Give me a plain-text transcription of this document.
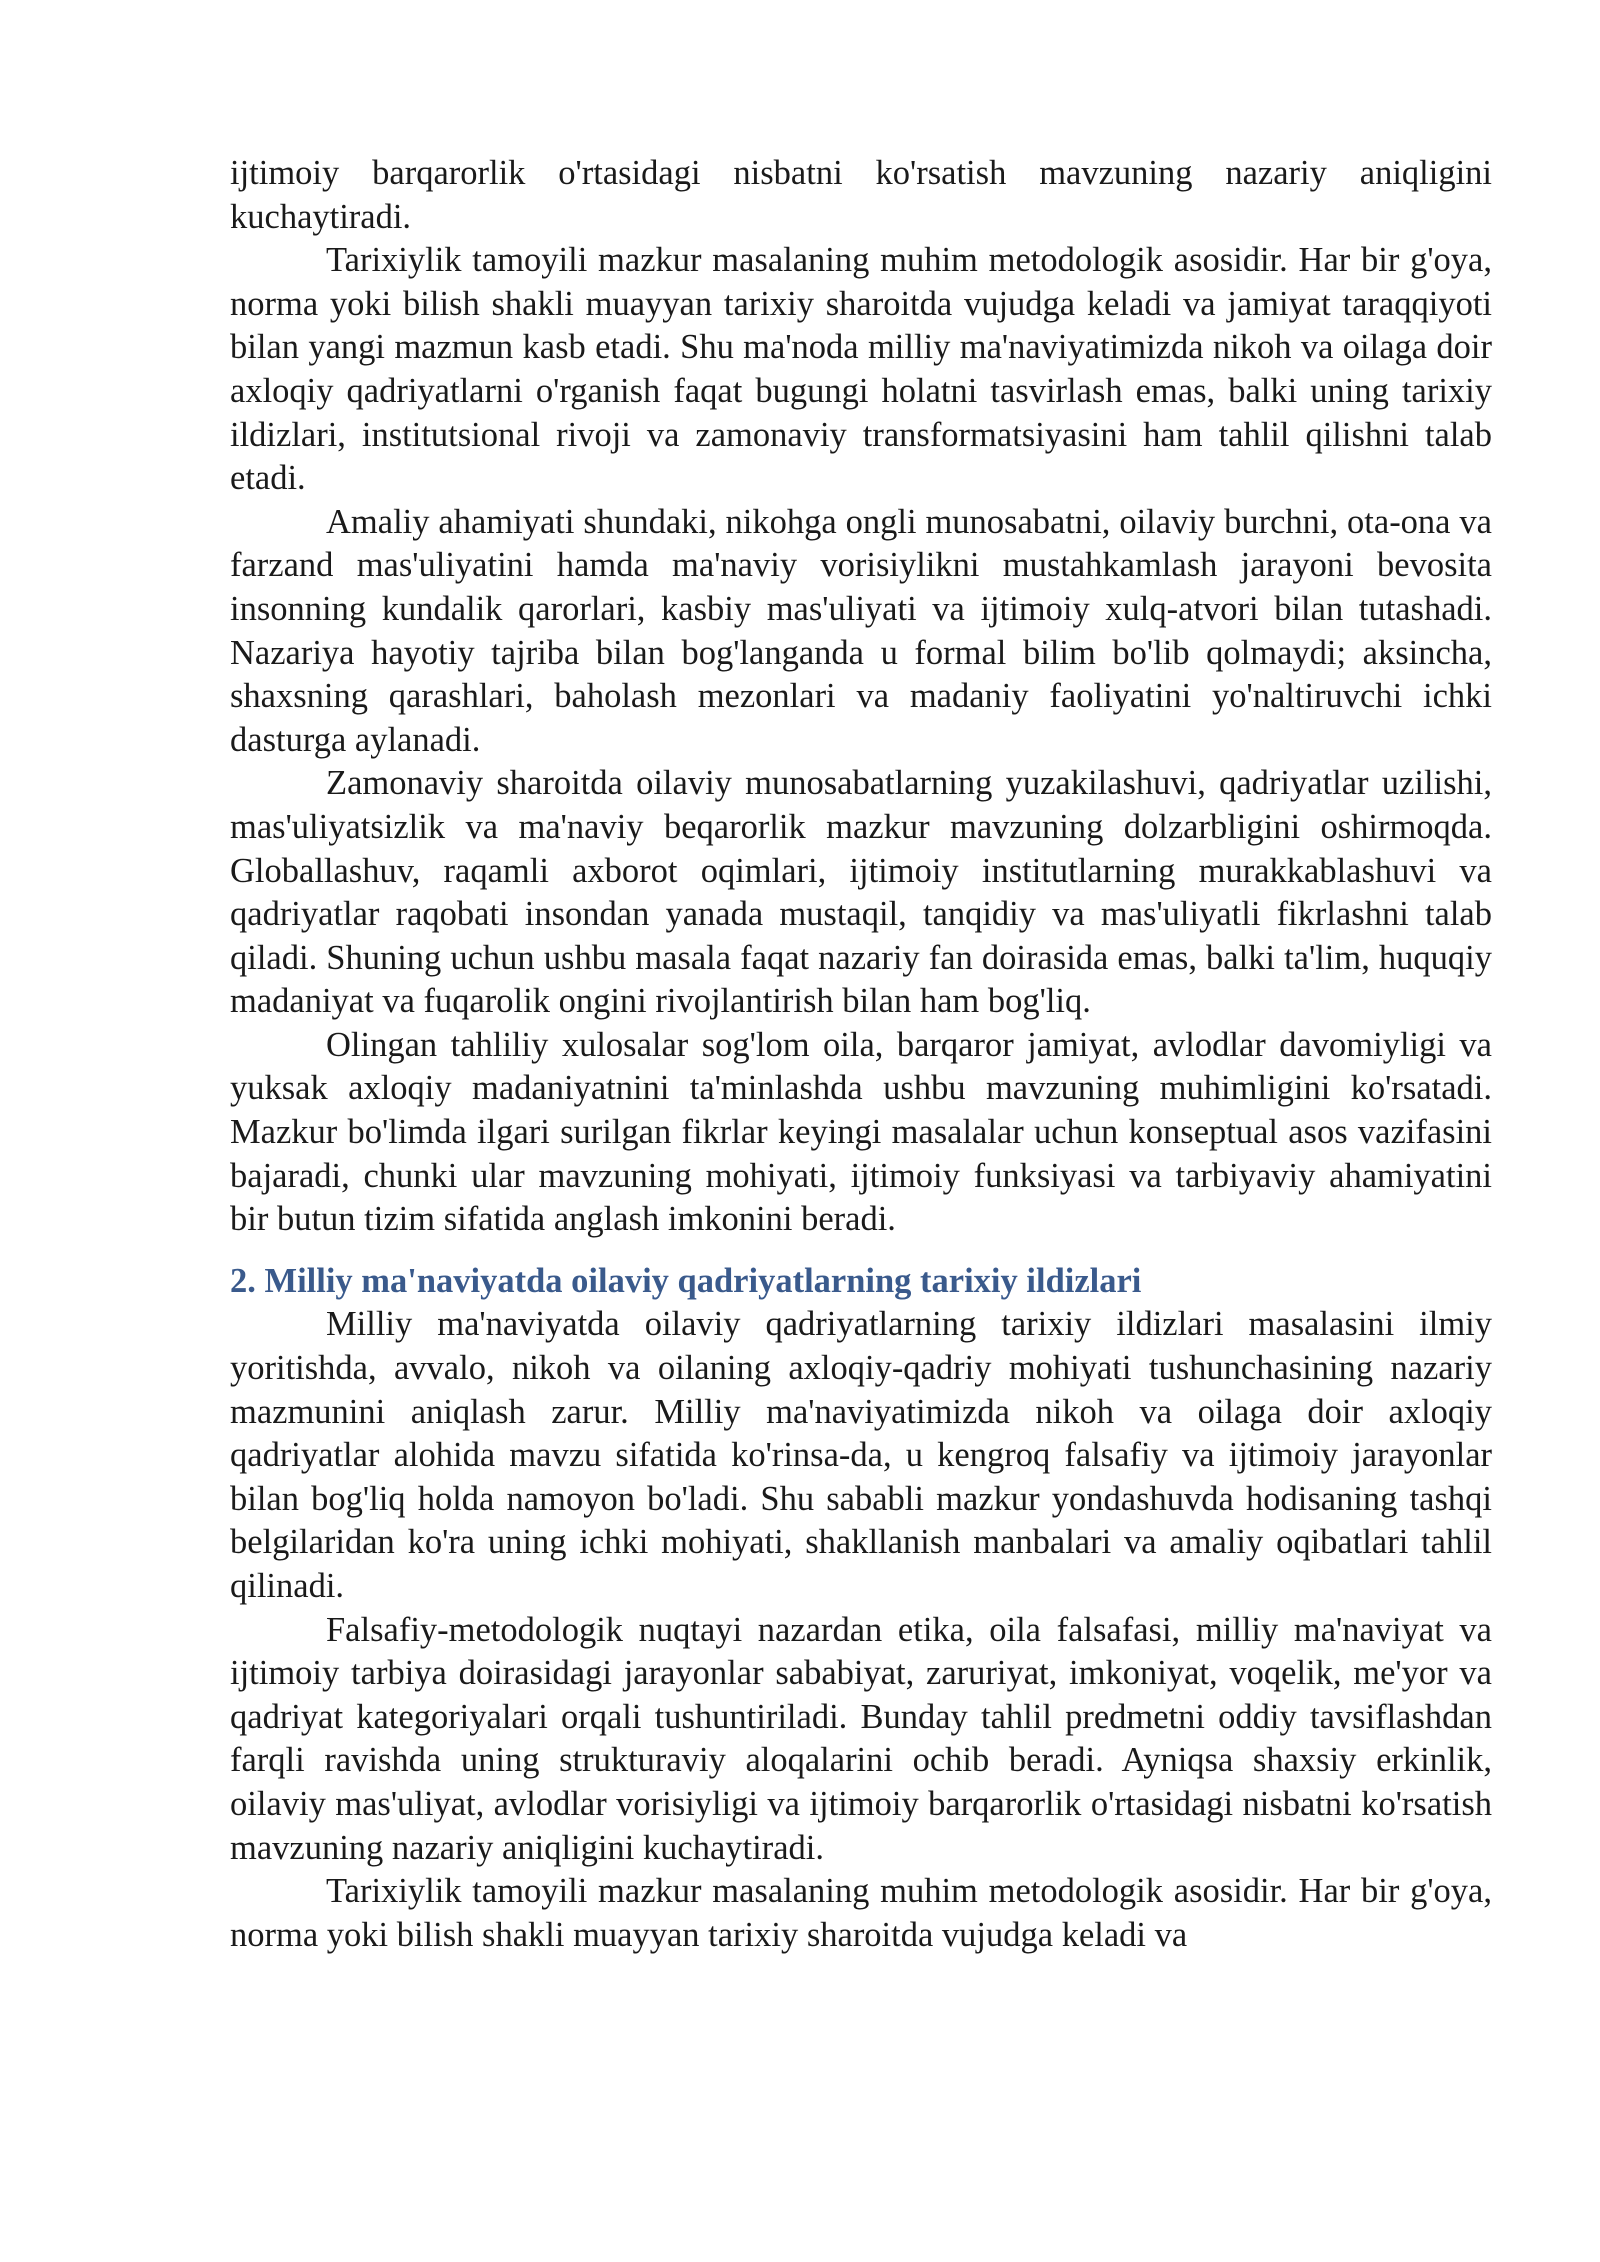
ijtimoiy barqarorlik o'rtasidagi nisbatni ko'rsatish mavzuning nazariy aniqligini kuchaytiradi.

Tarixiylik tamoyili mazkur masalaning muhim metodologik asosidir. Har bir g'oya, norma yoki bilish shakli muayyan tarixiy sharoitda vujudga keladi va jamiyat taraqqiyoti bilan yangi mazmun kasb etadi. Shu ma'noda milliy ma'naviyatimizda nikoh va oilaga doir axloqiy qadriyatlarni o'rganish faqat bugungi holatni tasvirlash emas, balki uning tarixiy ildizlari, institutsional rivoji va zamonaviy transformatsiyasini ham tahlil qilishni talab etadi.

Amaliy ahamiyati shundaki, nikohga ongli munosabatni, oilaviy burchni, ota-ona va farzand mas'uliyatini hamda ma'naviy vorisiylikni mustahkamlash jarayoni bevosita insonning kundalik qarorlari, kasbiy mas'uliyati va ijtimoiy xulq-atvori bilan tutashadi. Nazariya hayotiy tajriba bilan bog'langanda u formal bilim bo'lib qolmaydi; aksincha, shaxsning qarashlari, baholash mezonlari va madaniy faoliyatini yo'naltiruvchi ichki dasturga aylanadi.

Zamonaviy sharoitda oilaviy munosabatlarning yuzakilashuvi, qadriyatlar uzilishi, mas'uliyatsizlik va ma'naviy beqarorlik mazkur mavzuning dolzarbligini oshirmoqda. Globallashuv, raqamli axborot oqimlari, ijtimoiy institutlarning murakkablashuvi va qadriyatlar raqobati insondan yanada mustaqil, tanqidiy va mas'uliyatli fikrlashni talab qiladi. Shuning uchun ushbu masala faqat nazariy fan doirasida emas, balki ta'lim, huquqiy madaniyat va fuqarolik ongini rivojlantirish bilan ham bog'liq.

Olingan tahliliy xulosalar sog'lom oila, barqaror jamiyat, avlodlar davomiyligi va yuksak axloqiy madaniyatnini ta'minlashda ushbu mavzuning muhimligini ko'rsatadi. Mazkur bo'limda ilgari surilgan fikrlar keyingi masalalar uchun konseptual asos vazifasini bajaradi, chunki ular mavzuning mohiyati, ijtimoiy funksiyasi va tarbiyaviy ahamiyatini bir butun tizim sifatida anglash imkonini beradi.

2. Milliy ma'naviyatda oilaviy qadriyatlarning tarixiy ildizlari

Milliy ma'naviyatda oilaviy qadriyatlarning tarixiy ildizlari masalasini ilmiy yoritishda, avvalo, nikoh va oilaning axloqiy-qadriy mohiyati tushunchasining nazariy mazmunini aniqlash zarur. Milliy ma'naviyatimizda nikoh va oilaga doir axloqiy qadriyatlar alohida mavzu sifatida ko'rinsa-da, u kengroq falsafiy va ijtimoiy jarayonlar bilan bog'liq holda namoyon bo'ladi. Shu sababli mazkur yondashuvda hodisaning tashqi belgilaridan ko'ra uning ichki mohiyati, shakllanish manbalari va amaliy oqibatlari tahlil qilinadi.

Falsafiy-metodologik nuqtayi nazardan etika, oila falsafasi, milliy ma'naviyat va ijtimoiy tarbiya doirasidagi jarayonlar sababiyat, zaruriyat, imkoniyat, voqelik, me'yor va qadriyat kategoriyalari orqali tushuntiriladi. Bunday tahlil predmetni oddiy tavsiflashdan farqli ravishda uning strukturaviy aloqalarini ochib beradi. Ayniqsa shaxsiy erkinlik, oilaviy mas'uliyat, avlodlar vorisiyligi va ijtimoiy barqarorlik o'rtasidagi nisbatni ko'rsatish mavzuning nazariy aniqligini kuchaytiradi.

Tarixiylik tamoyili mazkur masalaning muhim metodologik asosidir. Har bir g'oya, norma yoki bilish shakli muayyan tarixiy sharoitda vujudga keladi va
